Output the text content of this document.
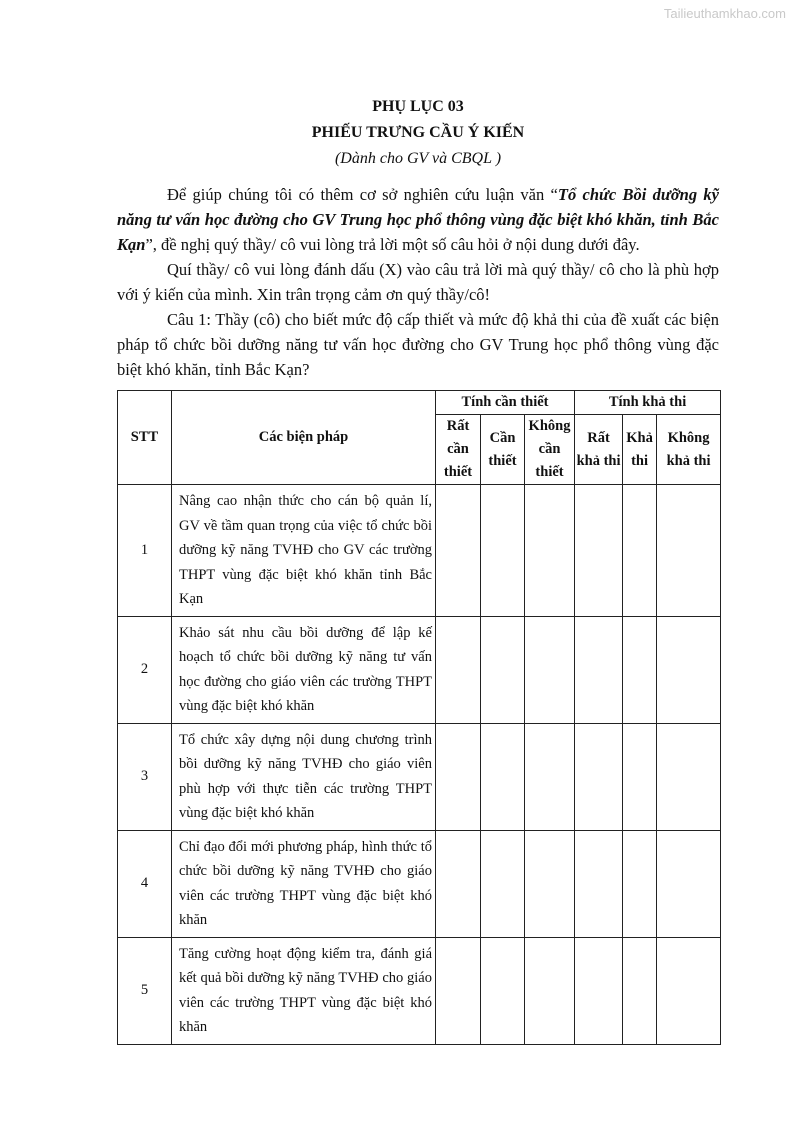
Tailieuthamkhao.com
PHỤ LỤC 03
PHIẾU TRƯNG CẦU Ý KIẾN
(Dành cho GV và CBQL )

Để giúp chúng tôi có thêm cơ sở nghiên cứu luận văn “Tổ chức Bồi dưỡng kỹ năng tư vấn học đường cho GV Trung học phổ thông vùng đặc biệt khó khăn, tỉnh Bắc Kạn”, đề nghị quý thầy/ cô vui lòng trả lời một số câu hỏi ở nội dung dưới đây.

Quí thầy/ cô vui lòng đánh dấu (X) vào câu trả lời mà quý thầy/ cô cho là phù hợp với ý kiến của mình. Xin trân trọng cảm ơn quý thầy/cô!

Câu 1: Thầy (cô) cho biết mức độ cấp thiết và mức độ khả thi của đề xuất các biện pháp tổ chức bồi dưỡng năng tư vấn học đường cho GV Trung học phổ thông vùng đặc biệt khó khăn, tỉnh Bắc Kạn?

STT	Các biện pháp	Tính cần thiết			Tính khả thi		
		Rất cần thiết	Cần thiết	Không cần thiết	Rất khả thi	Khả thi	Không khả thi
1	Nâng cao nhận thức cho cán bộ quản lí, GV về tầm quan trọng của việc tổ chức bồi dưỡng kỹ năng TVHĐ cho GV các trường THPT vùng đặc biệt khó khăn tỉnh Bắc Kạn						
2	Khảo sát nhu cầu bồi dưỡng để lập kế hoạch tổ chức bồi dưỡng kỹ năng tư vấn học đường cho giáo viên các trường THPT vùng đặc biệt khó khăn						
3	Tổ chức xây dựng nội dung chương trình bồi dưỡng kỹ năng TVHĐ cho giáo viên phù hợp với thực tiễn các trường THPT vùng đặc biệt khó khăn						
4	Chỉ đạo đổi mới phương pháp, hình thức tổ chức bồi dưỡng kỹ năng TVHĐ cho giáo viên các trường THPT vùng đặc biệt khó khăn						
5	Tăng cường hoạt động kiểm tra, đánh giá kết quả bồi dưỡng kỹ năng TVHĐ cho giáo viên các trường THPT vùng đặc biệt khó khăn						
